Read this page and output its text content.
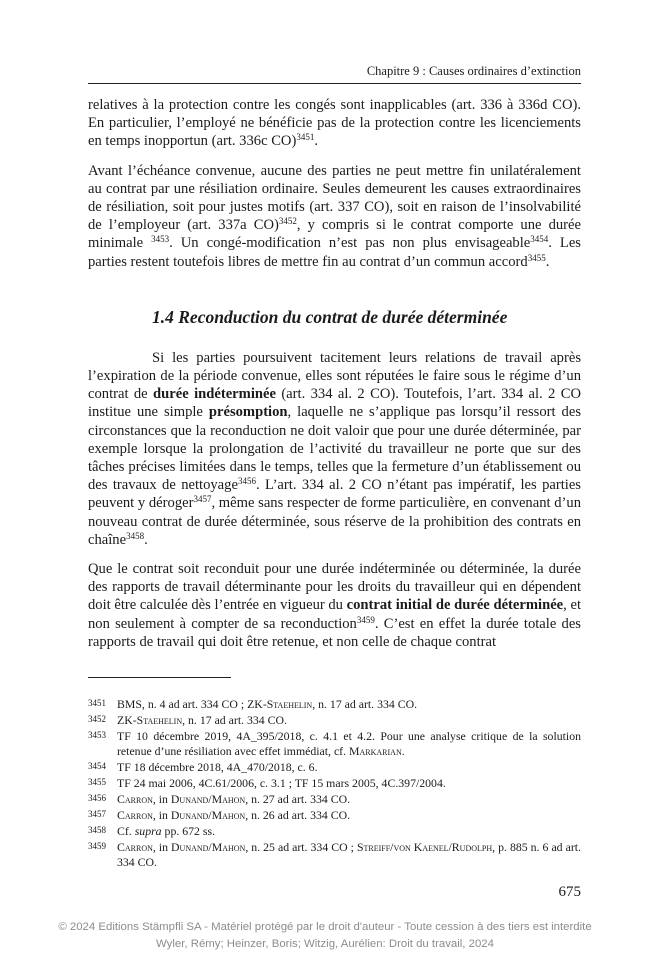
Chapitre 9 : Causes ordinaires d’extinction

relatives à la protection contre les congés sont inapplicables (art. 336 à 336d CO). En particulier, l’employé ne bénéficie pas de la protection contre les licenciements en temps inopportun (art. 336c CO)$^{3451}$.

Avant l’échéance convenue, aucune des parties ne peut mettre fin unilatéralement au contrat par une résiliation ordinaire. Seules demeurent les causes extraordinaires de résiliation, soit pour justes motifs (art. 337 CO), soit en raison de l’insolvabilité de l’employeur (art. 337a CO)$^{3452}$, y compris si le contrat comporte une durée minimale $^{3453}$. Un congé-modification n’est pas non plus envisageable$^{3454}$. Les parties restent toutefois libres de mettre fin au contrat d’un commun accord$^{3455}$.

1.4 Reconduction du contrat de durée déterminée

Si les parties poursuivent tacitement leurs relations de travail après l’expiration de la période convenue, elles sont réputées le faire sous le régime d’un contrat de durée indéterminée (art. 334 al. 2 CO). Toutefois, l’art. 334 al. 2 CO institue une simple présomption, laquelle ne s’applique pas lorsqu’il ressort des circonstances que la reconduction ne doit valoir que pour une durée déterminée, par exemple lorsque la prolongation de l’activité du travailleur ne porte que sur des tâches précises limitées dans le temps, telles que la fermeture d’un établissement ou des travaux de nettoyage$^{3456}$. L’art. 334 al. 2 CO n’étant pas impératif, les parties peuvent y déroger$^{3457}$, même sans respecter de forme particulière, en convenant d’un nouveau contrat de durée déterminée, sous réserve de la prohibition des contrats en chaîne$^{3458}$.

Que le contrat soit reconduit pour une durée indéterminée ou déterminée, la durée des rapports de travail déterminante pour les droits du travailleur qui en dépendent doit être calculée dès l’entrée en vigueur du contrat initial de durée déterminée, et non seulement à compter de sa reconduction$^{3459}$. C’est en effet la durée totale des rapports de travail qui doit être retenue, et non celle de chaque contrat

3451 BMS, n. 4 ad art. 334 CO ; ZK-Staehelin, n. 17 ad art. 334 CO.
3452 ZK-Staehelin, n. 17 ad art. 334 CO.
3453 TF 10 décembre 2019, 4A_395/2018, c. 4.1 et 4.2. Pour une analyse critique de la solution retenue d’une résiliation avec effet immédiat, cf. Markarian.
3454 TF 18 décembre 2018, 4A_470/2018, c. 6.
3455 TF 24 mai 2006, 4C.61/2006, c. 3.1 ; TF 15 mars 2005, 4C.397/2004.
3456 Carron, in Dunand/Mahon, n. 27 ad art. 334 CO.
3457 Carron, in Dunand/Mahon, n. 26 ad art. 334 CO.
3458 Cf. supra pp. 672 ss.
3459 Carron, in Dunand/Mahon, n. 25 ad art. 334 CO ; Streiff/von Kaenel/Rudolph, p. 885 n. 6 ad art. 334 CO.
675
© 2024 Editions Stämpfli SA - Matériel protégé par le droit d'auteur - Toute cession à des tiers est interdite
Wyler, Rémy; Heinzer, Boris; Witzig, Aurélien: Droit du travail, 2024
